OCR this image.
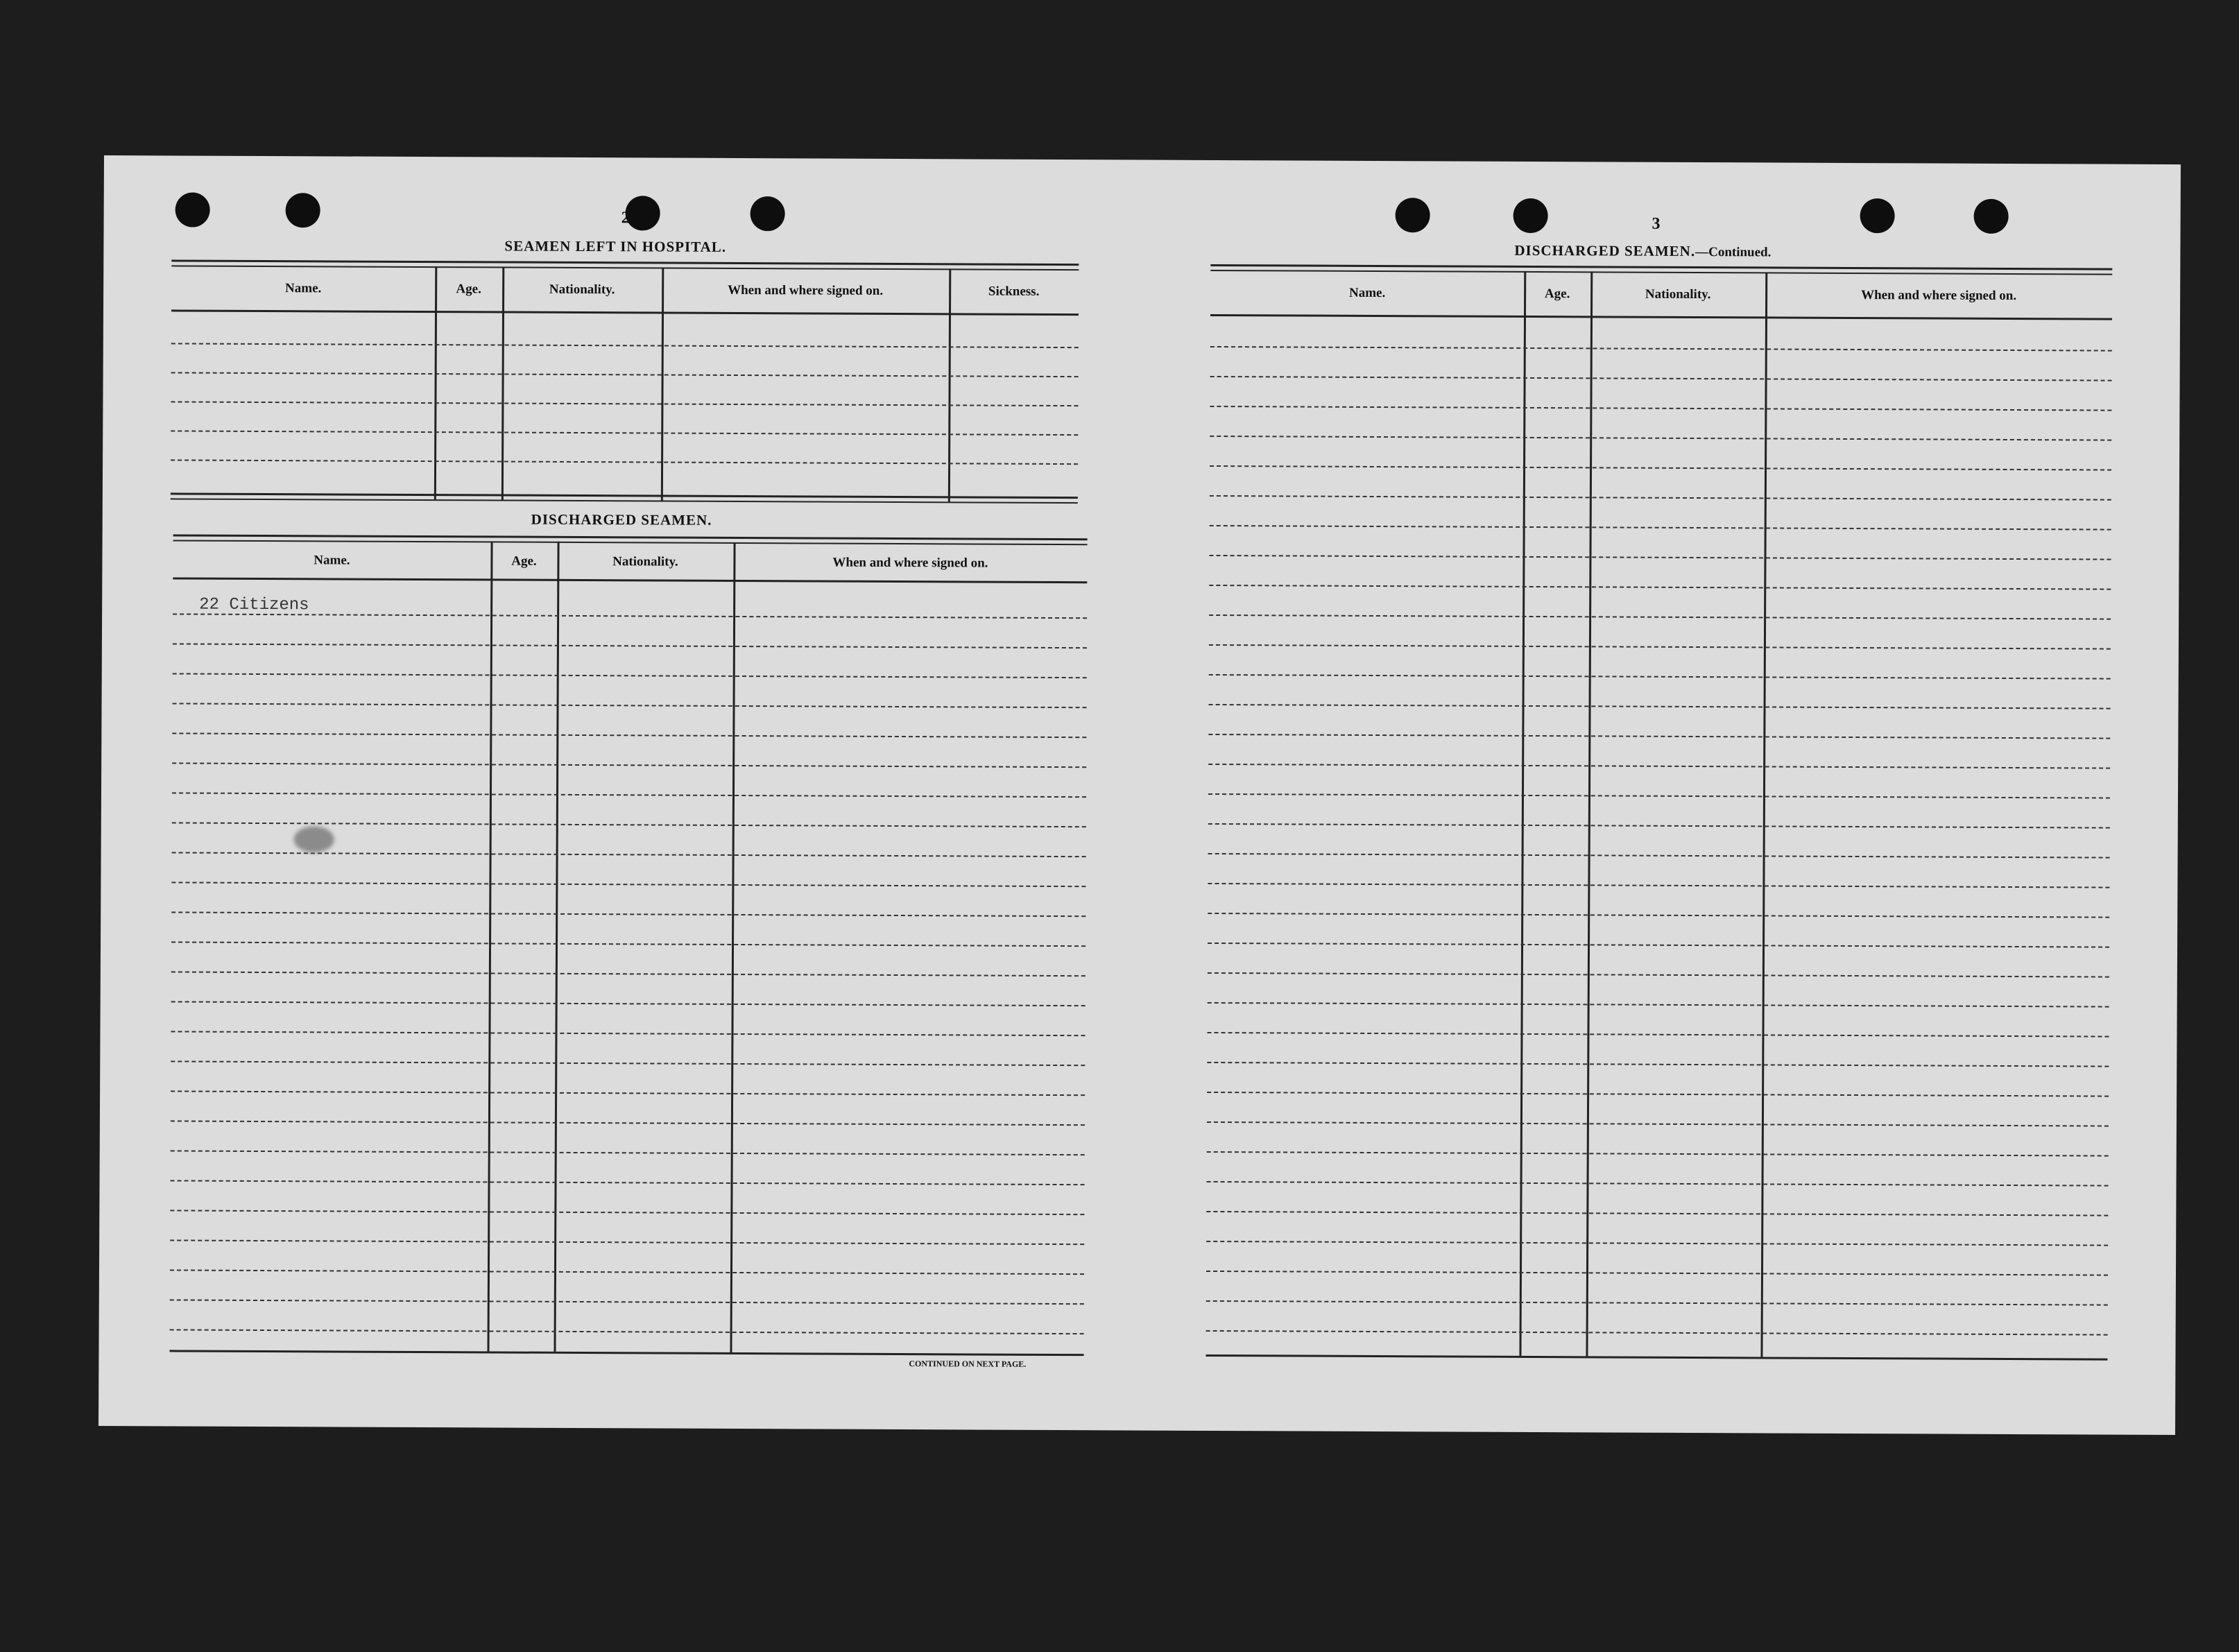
2
SEAMEN LEFT IN HOSPITAL.
Name.	Age.	Nationality.	When and where signed on.	Sickness.
DISCHARGED SEAMEN.
Name.	Age.	Nationality.	When and where signed on.
22 Citizens
CONTINUED ON NEXT PAGE.
3
DISCHARGED SEAMEN.—Continued.
Name.	Age.	Nationality.	When and where signed on.
